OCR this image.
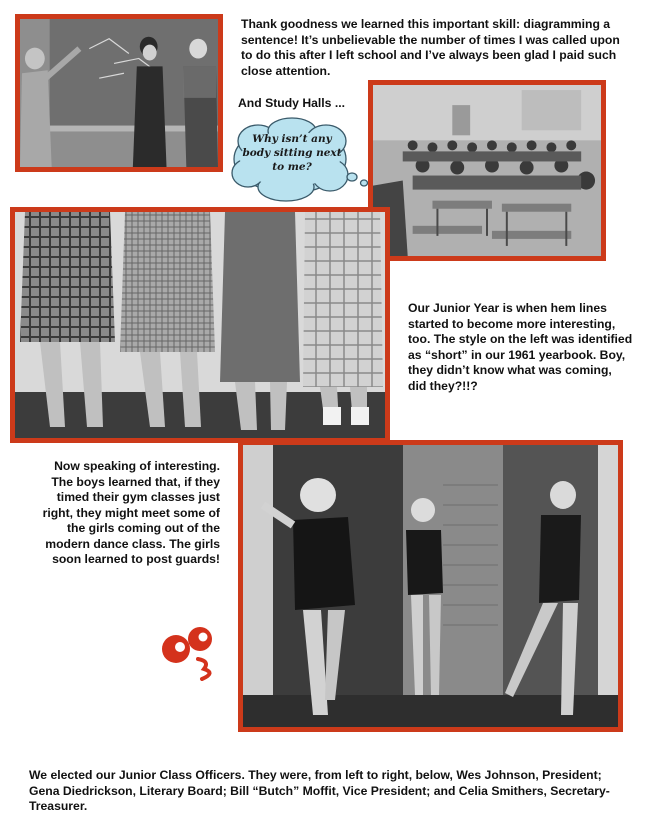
Thank goodness we learned this important skill: diagramming a sentence! It’s unbelievable the number of times I was called upon to do this after I left school and I’ve always been glad I paid such close attention.
And Study Halls ...
Why isn’t any body sitting next to me?
Our Junior Year is when hem lines started to become more interesting, too. The style on the left was identified as “short” in our 1961 yearbook. Boy, they didn’t know what was coming, did they?!!?
Now speaking of interesting. The boys learned that, if they timed their gym classes just right, they might meet some of the girls coming out of the modern dance class. The girls soon learned to post guards!
We elected our Junior Class Officers. They were, from left to right, below, Wes Johnson, President; Gena Diedrickson, Literary Board; Bill “Butch” Moffit, Vice President; and Celia Smithers, Secretary-Treasurer.
